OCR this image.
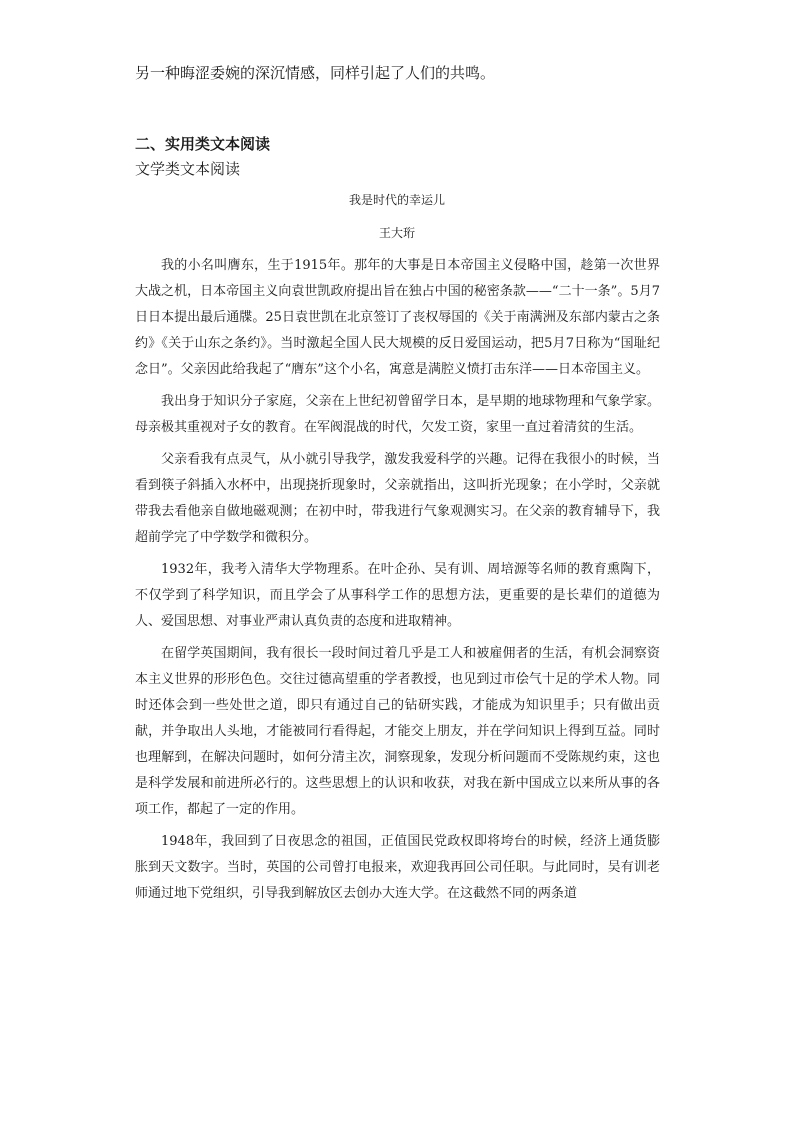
另一种晦涩委婉的深沉情感，同样引起了人们的共鸣。
二、实用类文本阅读
文学类文本阅读
我是时代的幸运儿
王大珩

我的小名叫膺东，生于1915年。那年的大事是日本帝国主义侵略中国，趁第一次世界大战之机，日本帝国主义向袁世凯政府提出旨在独占中国的秘密条款——“二十一条”。5月7日日本提出最后通牒。25日袁世凯在北京签订了丧权辱国的《关于南满洲及东部内蒙古之条约》《关于山东之条约》。当时激起全国人民大规模的反日爱国运动，把5月7日称为“国耻纪念日”。父亲因此给我起了“膺东”这个小名，寓意是满腔义愤打击东洋——日本帝国主义。

我出身于知识分子家庭，父亲在上世纪初曾留学日本，是早期的地球物理和气象学家。母亲极其重视对子女的教育。在军阀混战的时代，欠发工资，家里一直过着清贫的生活。

父亲看我有点灵气，从小就引导我学，激发我爱科学的兴趣。记得在我很小的时候，当看到筷子斜插入水杯中，出现挠折现象时，父亲就指出，这叫折光现象；在小学时，父亲就带我去看他亲自做地磁观测；在初中时，带我进行气象观测实习。在父亲的教育辅导下，我超前学完了中学数学和微积分。

1932年，我考入清华大学物理系。在叶企孙、吴有训、周培源等名师的教育熏陶下，不仅学到了科学知识，而且学会了从事科学工作的思想方法，更重要的是长辈们的道德为人、爱国思想、对事业严肃认真负责的态度和进取精神。

在留学英国期间，我有很长一段时间过着几乎是工人和被雇佣者的生活，有机会洞察资本主义世界的形形色色。交往过德高望重的学者教授，也见到过市侩气十足的学术人物。同时还体会到一些处世之道，即只有通过自己的钻研实践，才能成为知识里手；只有做出贡献，并争取出人头地，才能被同行看得起，才能交上朋友，并在学问知识上得到互益。同时也理解到，在解决问题时，如何分清主次，洞察现象，发现分析问题而不受陈规约束，这也是科学发展和前进所必行的。这些思想上的认识和收获，对我在新中国成立以来所从事的各项工作，都起了一定的作用。

1948年，我回到了日夜思念的祖国，正值国民党政权即将垮台的时候，经济上通货膨胀到天文数字。当时，英国的公司曾打电报来，欢迎我再回公司任职。与此同时，吴有训老师通过地下党组织，引导我到解放区去创办大连大学。在这截然不同的两条道
